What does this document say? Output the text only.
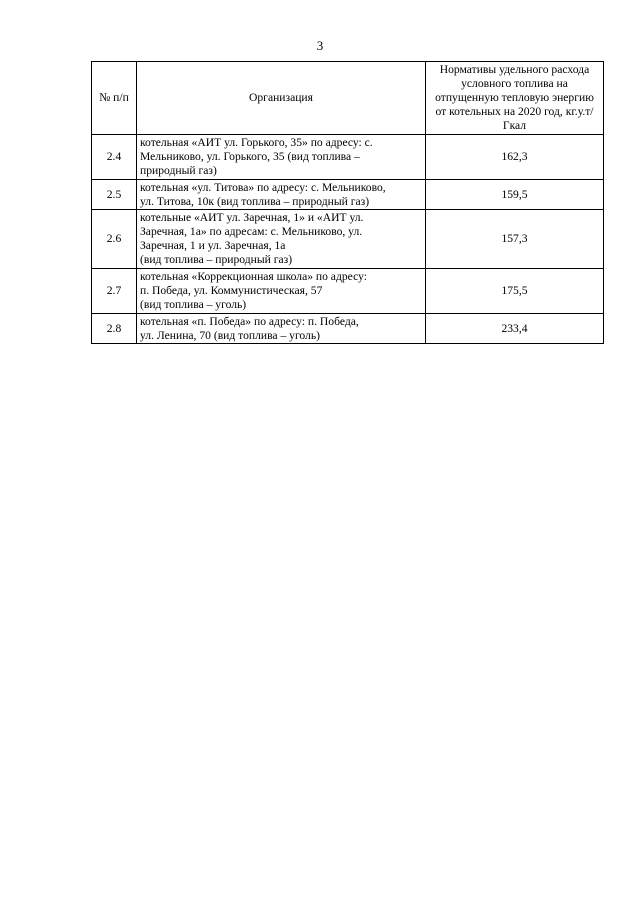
3
№ п/п	Организация	Нормативы удельного расхода условного топлива на отпущенную тепловую энергию от котельных на 2020 год, кг.у.т/Гкал
2.4	котельная «АИТ ул. Горького, 35» по адресу: с.
Мельниково, ул. Горького, 35 (вид топлива –
природный газ)	162,3
2.5	котельная «ул. Титова» по адресу: с. Мельниково,
ул. Титова, 10к (вид топлива – природный газ)	159,5
2.6	котельные «АИТ ул. Заречная, 1» и «АИТ ул.
Заречная, 1а» по адресам: с. Мельниково, ул.
Заречная, 1 и ул. Заречная, 1а
(вид топлива – природный газ)	157,3
2.7	котельная «Коррекционная школа» по адресу:
п. Победа, ул. Коммунистическая, 57
(вид топлива – уголь)	175,5
2.8	котельная «п. Победа» по адресу: п. Победа,
ул. Ленина, 70 (вид топлива – уголь)	233,4
